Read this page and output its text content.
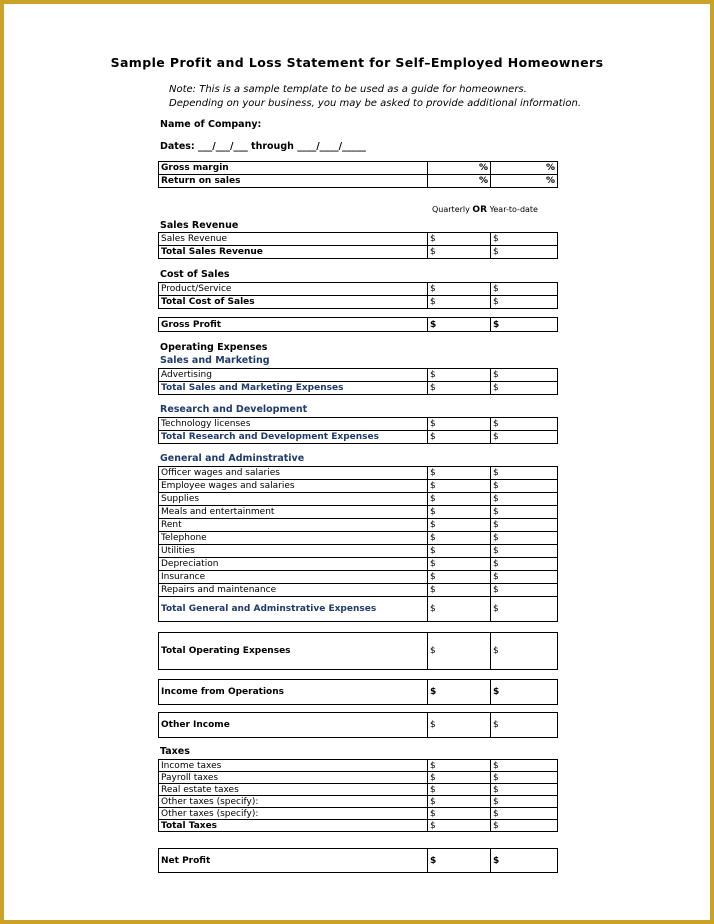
Sample Profit and Loss Statement for Self–Employed Homeowners
Note: This is a sample template to be used as a guide for homeowners.
Depending on your business, you may be asked to provide additional information.
Name of Company:
Dates: ___/___/___ through ____/____/_____
Gross margin	%	%
Return on sales	%	%
Quarterly OR Year-to-date
Sales Revenue
Sales Revenue	$	$
Total Sales Revenue	$	$
Cost of Sales
Product/Service	$	$
Total Cost of Sales	$	$
Gross Profit	$	$
Operating Expenses
Sales and Marketing
Advertising	$	$
Total Sales and Marketing Expenses	$	$
Research and Development
Technology licenses	$	$
Total Research and Development Expenses	$	$
General and Adminstrative
Officer wages and salaries	$	$
Employee wages and salaries	$	$
Supplies	$	$
Meals and entertainment	$	$
Rent	$	$
Telephone	$	$
Utilities	$	$
Depreciation	$	$
Insurance	$	$
Repairs and maintenance	$	$
Total General and Adminstrative Expenses	$	$
Total Operating Expenses	$	$
Income from Operations	$	$
Other Income	$	$
Taxes
Income taxes	$	$
Payroll taxes	$	$
Real estate taxes	$	$
Other taxes (specify):	$	$
Other taxes (specify):	$	$
Total Taxes	$	$
Net Profit	$	$
